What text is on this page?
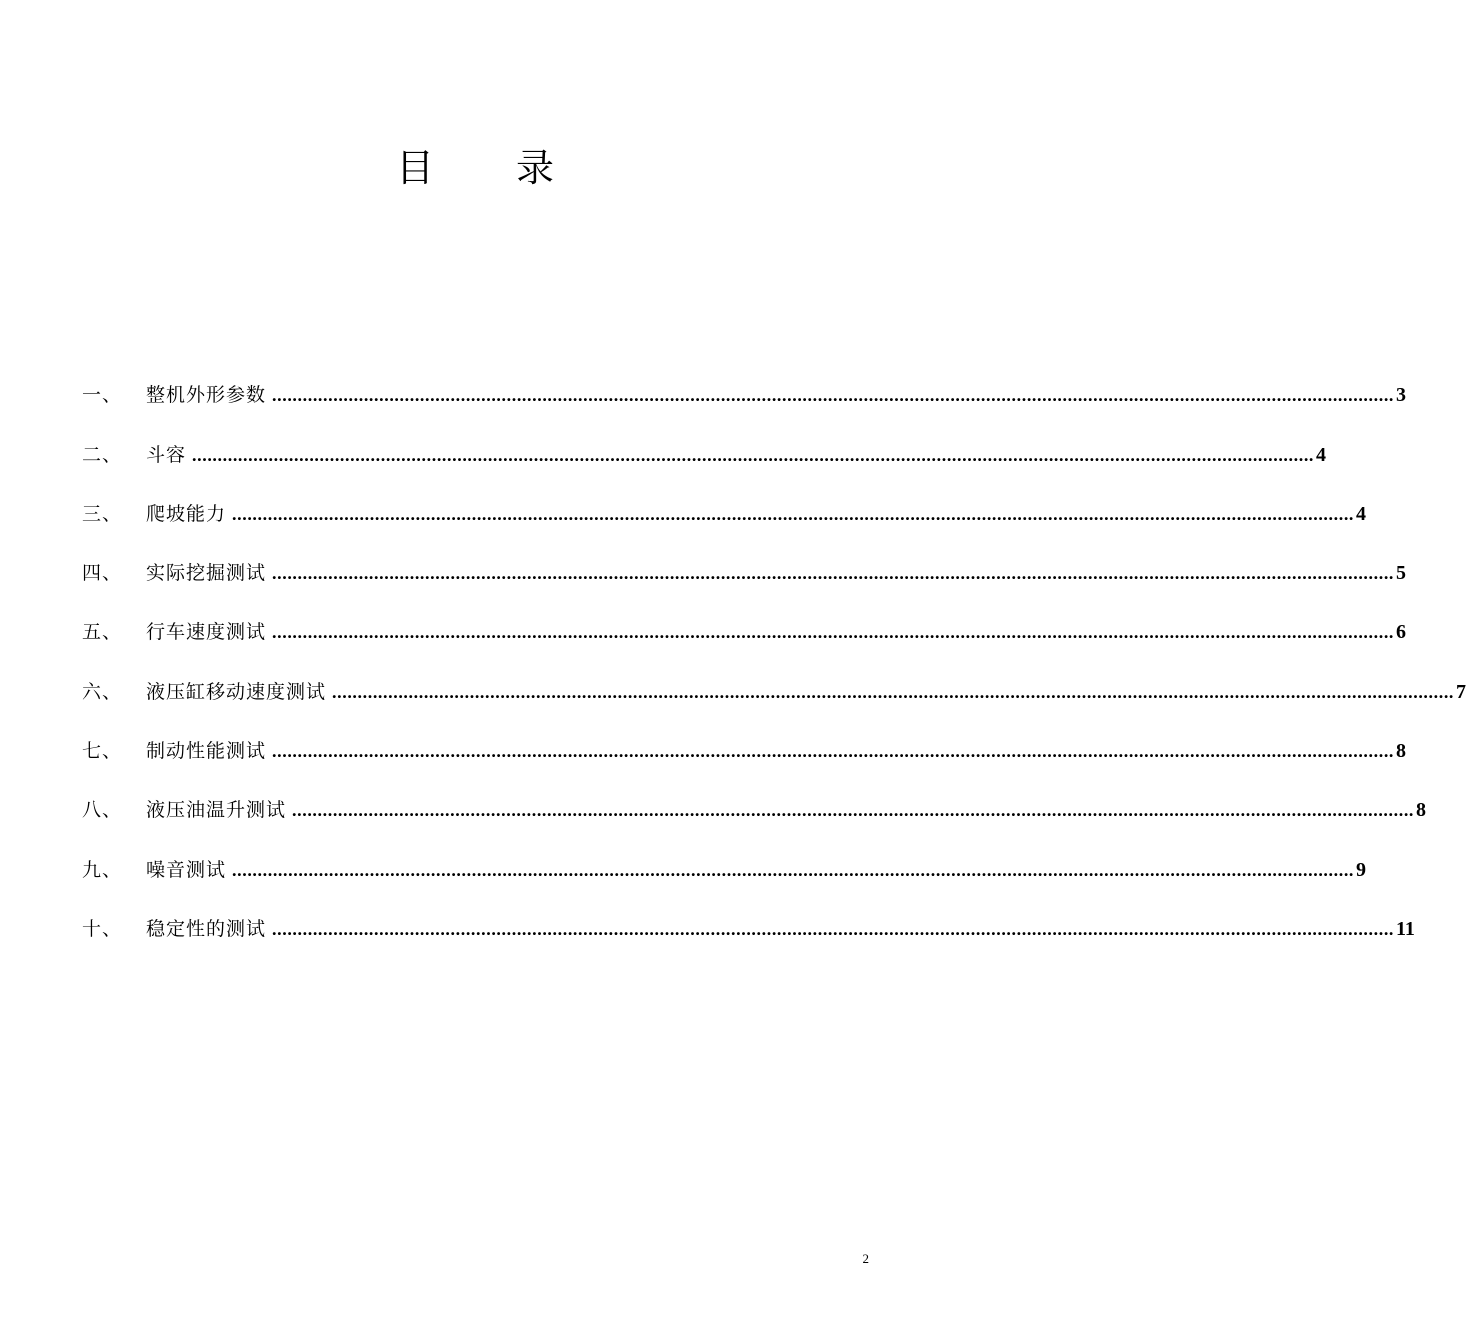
目 录
一、	整机外形参数 ............................................................................................................................................................................................................................ 3
二、	斗容 ............................................................................................................................................................................................................................ 4
三、	爬坡能力 ............................................................................................................................................................................................................................ 4
四、	实际挖掘测试 ............................................................................................................................................................................................................................ 5
五、	行车速度测试 ............................................................................................................................................................................................................................ 6
六、	液压缸移动速度测试 ............................................................................................................................................................................................................................ 7
七、	制动性能测试 ............................................................................................................................................................................................................................ 8
八、	液压油温升测试 ............................................................................................................................................................................................................................ 8
九、	噪音测试 ............................................................................................................................................................................................................................ 9
十、	稳定性的测试 ............................................................................................................................................................................................................................ 11
2
